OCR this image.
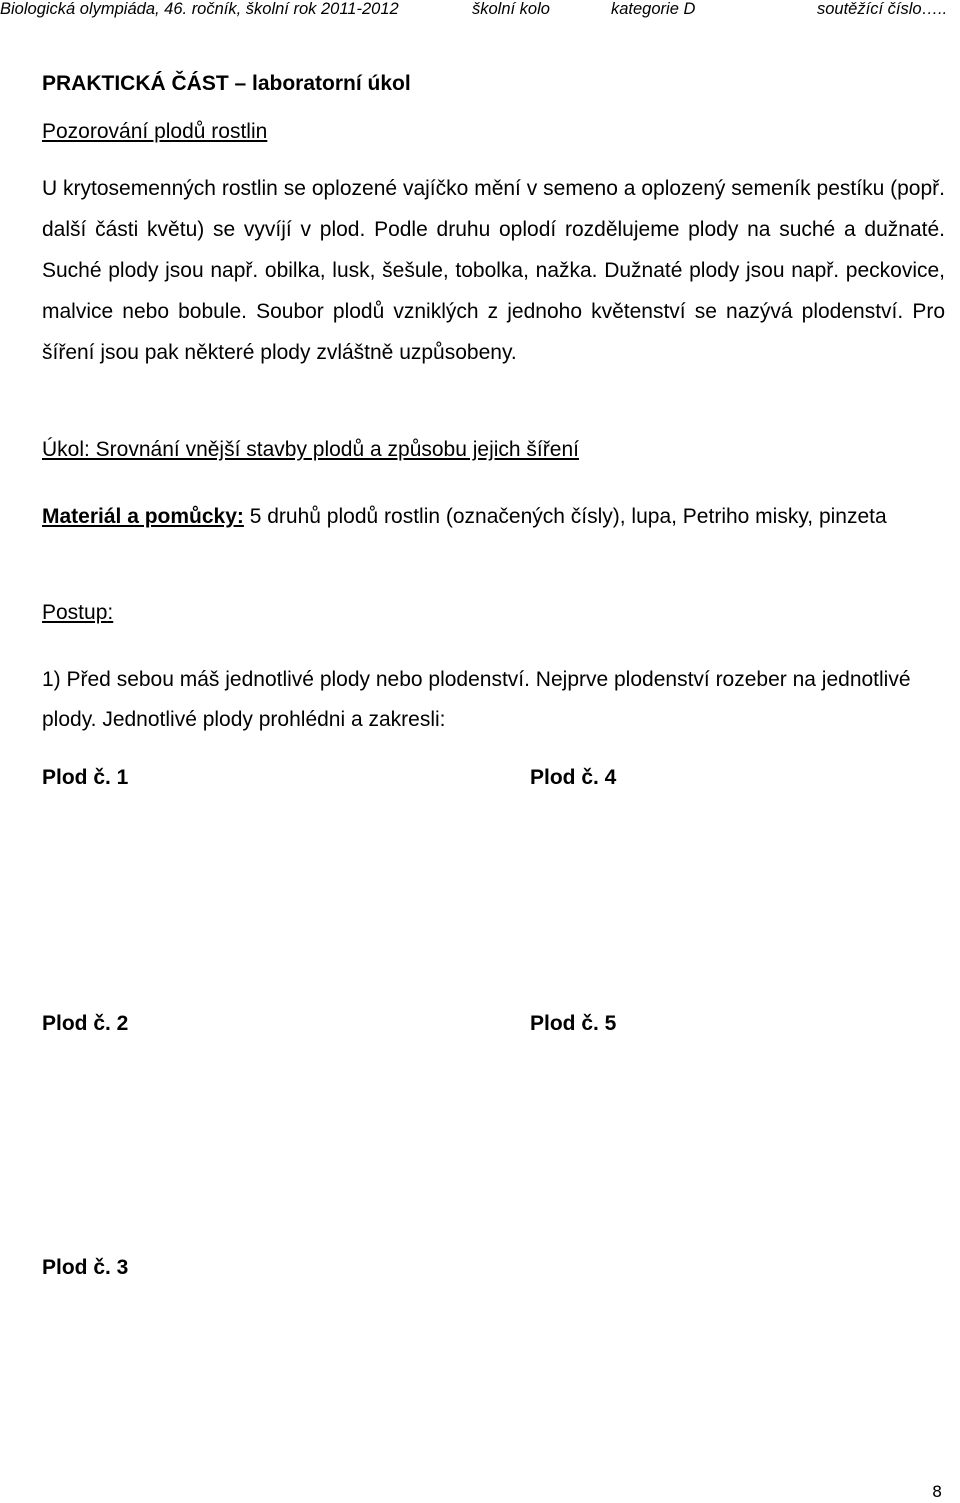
Biologická olympiáda, 46. ročník, školní rok 2011-2012	školní kolo	kategorie D	soutěžící číslo…..
PRAKTICKÁ ČÁST – laboratorní úkol
Pozorování plodů rostlin

U krytosemenných rostlin se oplozené vajíčko mění v semeno a oplozený semeník pestíku (popř. další části květu) se vyvíjí v plod. Podle druhu oplodí rozdělujeme plody na suché a dužnaté. Suché plody jsou např. obilka, lusk, šešule, tobolka, nažka. Dužnaté plody jsou např. peckovice, malvice nebo bobule. Soubor plodů vzniklých z jednoho květenství se nazývá plodenství. Pro šíření jsou pak některé plody zvláštně uzpůsobeny.

Úkol: Srovnání vnější stavby plodů a způsobu jejich šíření

Materiál a pomůcky: 5 druhů plodů rostlin (označených čísly), lupa, Petriho misky, pinzeta

Postup:

1) Před sebou máš jednotlivé plody nebo plodenství. Nejprve plodenství rozeber na jednotlivé plody. Jednotlivé plody prohlédni a zakresli:

Plod č. 1	Plod č. 4
Plod č. 2	Plod č. 5
Plod č. 3
8
